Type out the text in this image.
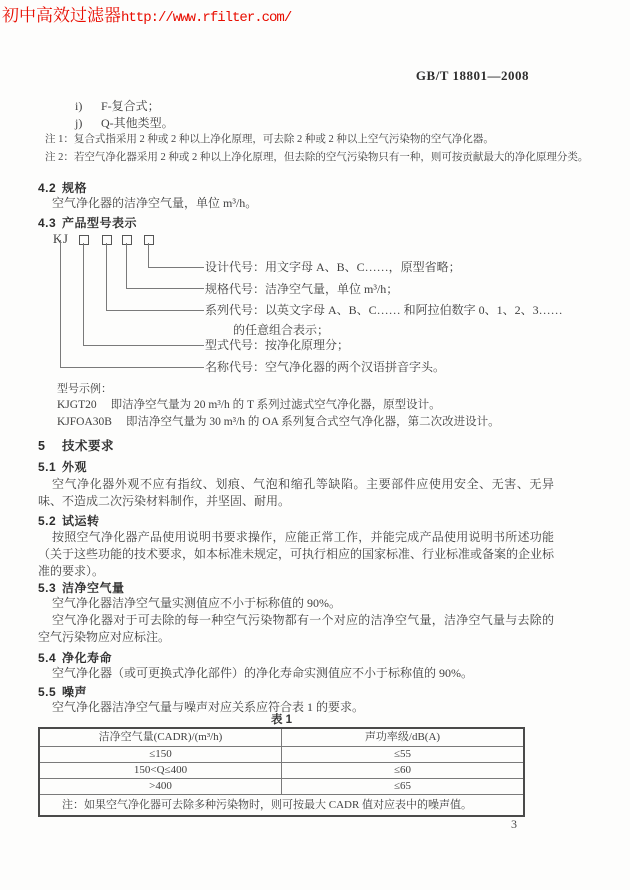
初中高效过滤器http://www.rfilter.com/
GB/T 18801—2008
i) F-复合式；
j) Q-其他类型。
注 1：复合式指采用 2 种或 2 种以上净化原理，可去除 2 种或 2 种以上空气污染物的空气净化器。
注 2：若空气净化器采用 2 种或 2 种以上净化原理，但去除的空气污染物只有一种，则可按贡献最大的净化原理分类。
4.2 规格
空气净化器的洁净空气量，单位 m³/h。
4.3 产品型号表示
KJ
设计代号：用文字母 A、B、C……，原型省略；
规格代号：洁净空气量，单位 m³/h；
系列代号：以英文字母 A、B、C…… 和阿拉伯数字 0、1、2、3……
的任意组合表示；
型式代号：按净化原理分；
名称代号：空气净化器的两个汉语拼音字头。
型号示例：
KJGT20 即洁净空气量为 20 m³/h 的 T 系列过滤式空气净化器，原型设计。
KJFOA30B 即洁净空气量为 30 m³/h 的 OA 系列复合式空气净化器，第二次改进设计。
5 技术要求
5.1 外观
空气净化器外观不应有指纹、划痕、气泡和缩孔等缺陷。主要部件应使用安全、无害、无异味、不造成二次污染材料制作，并坚固、耐用。
5.2 试运转
按照空气净化器产品使用说明书要求操作，应能正常工作，并能完成产品使用说明书所述功能（关于这些功能的技术要求，如本标准未规定，可执行相应的国家标准、行业标准或备案的企业标准的要求）。
5.3 洁净空气量
空气净化器洁净空气量实测值应不小于标称值的 90%。
空气净化器对于可去除的每一种空气污染物都有一个对应的洁净空气量，洁净空气量与去除的空气污染物应对应标注。
5.4 净化寿命
空气净化器（或可更换式净化部件）的净化寿命实测值应不小于标称值的 90%。
5.5 噪声
空气净化器洁净空气量与噪声对应关系应符合表 1 的要求。
表 1
洁净空气量(CADR)/(m³/h)	声功率级/dB(A)
≤150	≤55
150<Q≤400	≤60
>400	≤65
注：如果空气净化器可去除多种污染物时，则可按最大 CADR 值对应表中的噪声值。	
3
